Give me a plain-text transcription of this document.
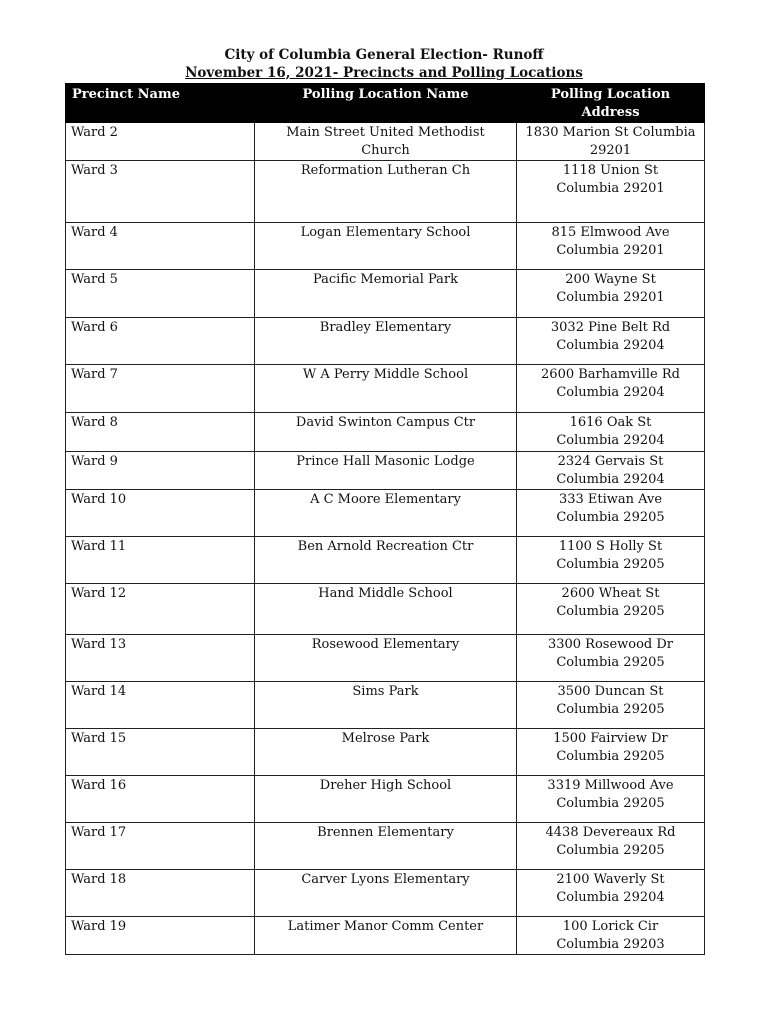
City of Columbia General Election- Runoff
November 16, 2021- Precincts and Polling Locations
Precinct Name	Polling Location Name	Polling Location Address
Ward 2	Main Street United Methodist Church	1830 Marion St Columbia
29201

Ward 3	Reformation Lutheran Ch	1118 Union St
Columbia 29201

Ward 4	Logan Elementary School	815 Elmwood Ave
Columbia 29201

Ward 5	Pacific Memorial Park	200 Wayne St
Columbia 29201

Ward 6	Bradley Elementary	3032 Pine Belt Rd
Columbia 29204

Ward 7	W A Perry Middle School	2600 Barhamville Rd
Columbia 29204

Ward 8	David Swinton Campus Ctr	1616 Oak St
Columbia 29204

Ward 9	Prince Hall Masonic Lodge	2324 Gervais St
Columbia 29204

Ward 10	A C Moore Elementary	333 Etiwan Ave
Columbia 29205

Ward 11	Ben Arnold Recreation Ctr	1100 S Holly St
Columbia 29205

Ward 12	Hand Middle School	2600 Wheat St
Columbia 29205

Ward 13	Rosewood Elementary	3300 Rosewood Dr
Columbia 29205

Ward 14	Sims Park	3500 Duncan St
Columbia 29205

Ward 15	Melrose Park	1500 Fairview Dr
Columbia 29205

Ward 16	Dreher High School	3319 Millwood Ave
Columbia 29205

Ward 17	Brennen Elementary	4438 Devereaux Rd
Columbia 29205

Ward 18	Carver Lyons Elementary	2100 Waverly St
Columbia 29204

Ward 19	Latimer Manor Comm Center	100 Lorick Cir
Columbia 29203
